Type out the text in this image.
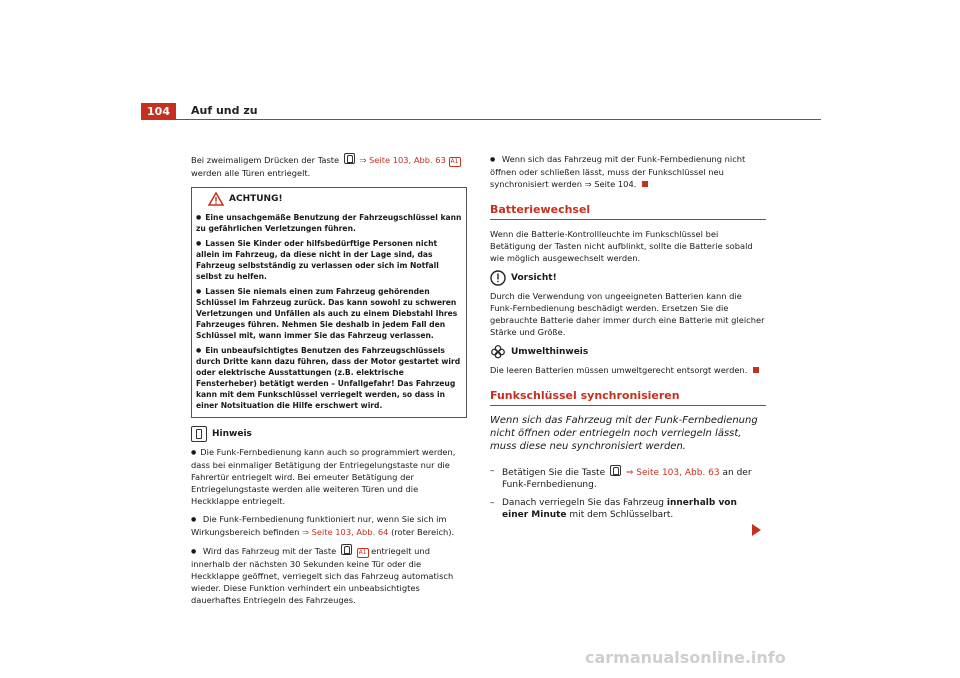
104	Auf und zu

Bei zweimaligem Drücken der Taste ⇒ Seite 103, Abb. 63 A1 werden alle Türen entriegelt.

ACHTUNG!
● Eine unsachgemäße Benutzung der Fahrzeugschlüssel kann zu gefährlichen Verletzungen führen.
● Lassen Sie Kinder oder hilfsbedürftige Personen nicht allein im Fahrzeug, da diese nicht in der Lage sind, das Fahrzeug selbstständig zu verlassen oder sich im Notfall selbst zu helfen.
● Lassen Sie niemals einen zum Fahrzeug gehörenden Schlüssel im Fahrzeug zurück. Das kann sowohl zu schweren Verletzungen und Unfällen als auch zu einem Diebstahl Ihres Fahrzeuges führen. Nehmen Sie deshalb in jedem Fall den Schlüssel mit, wann immer Sie das Fahrzeug verlassen.
● Ein unbeaufsichtigtes Benutzen des Fahrzeugschlüssels durch Dritte kann dazu führen, dass der Motor gestartet wird oder elektrische Ausstattungen (z.B. elektrische Fensterheber) betätigt werden – Unfallgefahr! Das Fahrzeug kann mit dem Funkschlüssel verriegelt werden, so dass in einer Notsituation die Hilfe erschwert wird.
Hinweis

● Die Funk-Fernbedienung kann auch so programmiert werden, dass bei einmaliger Betätigung der Entriegelungstaste nur die Fahrertür entriegelt wird. Bei erneuter Betätigung der Entriegelungstaste werden alle weiteren Türen und die Heckklappe entriegelt.

● Die Funk-Fernbedienung funktioniert nur, wenn Sie sich im Wirkungsbereich befinden ⇒ Seite 103, Abb. 64 (roter Bereich).

● Wird das Fahrzeug mit der Taste	A1 entriegelt und innerhalb der nächsten 30 Sekunden keine Tür oder die Heckklappe geöffnet, verriegelt sich das Fahrzeug automatisch wieder. Diese Funktion verhindert ein unbeabsichtigtes dauerhaftes Entriegeln des Fahrzeuges.

● Wenn sich das Fahrzeug mit der Funk-Fernbedienung nicht öffnen oder schließen lässt, muss der Funkschlüssel neu synchronisiert werden ⇒ Seite 104.

Batteriewechsel

Wenn die Batterie-Kontrollleuchte im Funkschlüssel bei Betätigung der Tasten nicht aufblinkt, sollte die Batterie sobald wie möglich ausgewechselt werden.

Vorsicht!

Durch die Verwendung von ungeeigneten Batterien kann die Funk-Fernbedienung beschädigt werden. Ersetzen Sie die gebrauchte Batterie daher immer durch eine Batterie mit gleicher Stärke und Größe.

Umwelthinweis

Die leeren Batterien müssen umweltgerecht entsorgt werden.

Funkschlüssel synchronisieren

Wenn sich das Fahrzeug mit der Funk-Fernbedienung nicht öffnen oder entriegeln noch verriegeln lässt, muss diese neu synchronisiert werden.

– Betätigen Sie die Taste ⇒ Seite 103, Abb. 63 an der Funk-Fernbedienung.
– Danach verriegeln Sie das Fahrzeug innerhalb von einer Minute mit dem Schlüsselbart.
carmanualsonline.info
